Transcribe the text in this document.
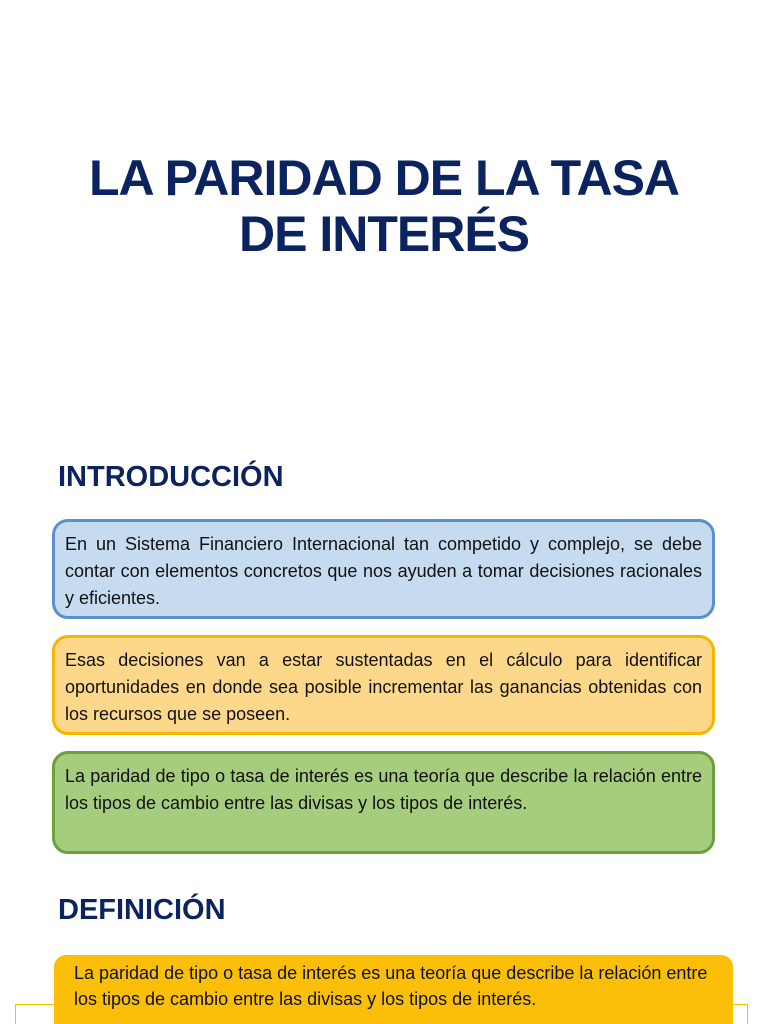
LA PARIDAD DE LA TASA
DE INTERÉS
INTRODUCCIÓN
En un Sistema Financiero Internacional tan competido y complejo, se debe contar con elementos concretos que nos ayuden a tomar decisiones racionales y eficientes.
Esas decisiones van a estar sustentadas en el cálculo para identificar oportunidades en donde sea posible incrementar las ganancias obtenidas con los recursos que se poseen.
La paridad de tipo o tasa de interés es una teoría que describe la relación entre los tipos de cambio entre las divisas y los tipos de interés.
DEFINICIÓN
La paridad de tipo o tasa de interés es una teoría que describe la relación entre los tipos de cambio entre las divisas y los tipos de interés.
